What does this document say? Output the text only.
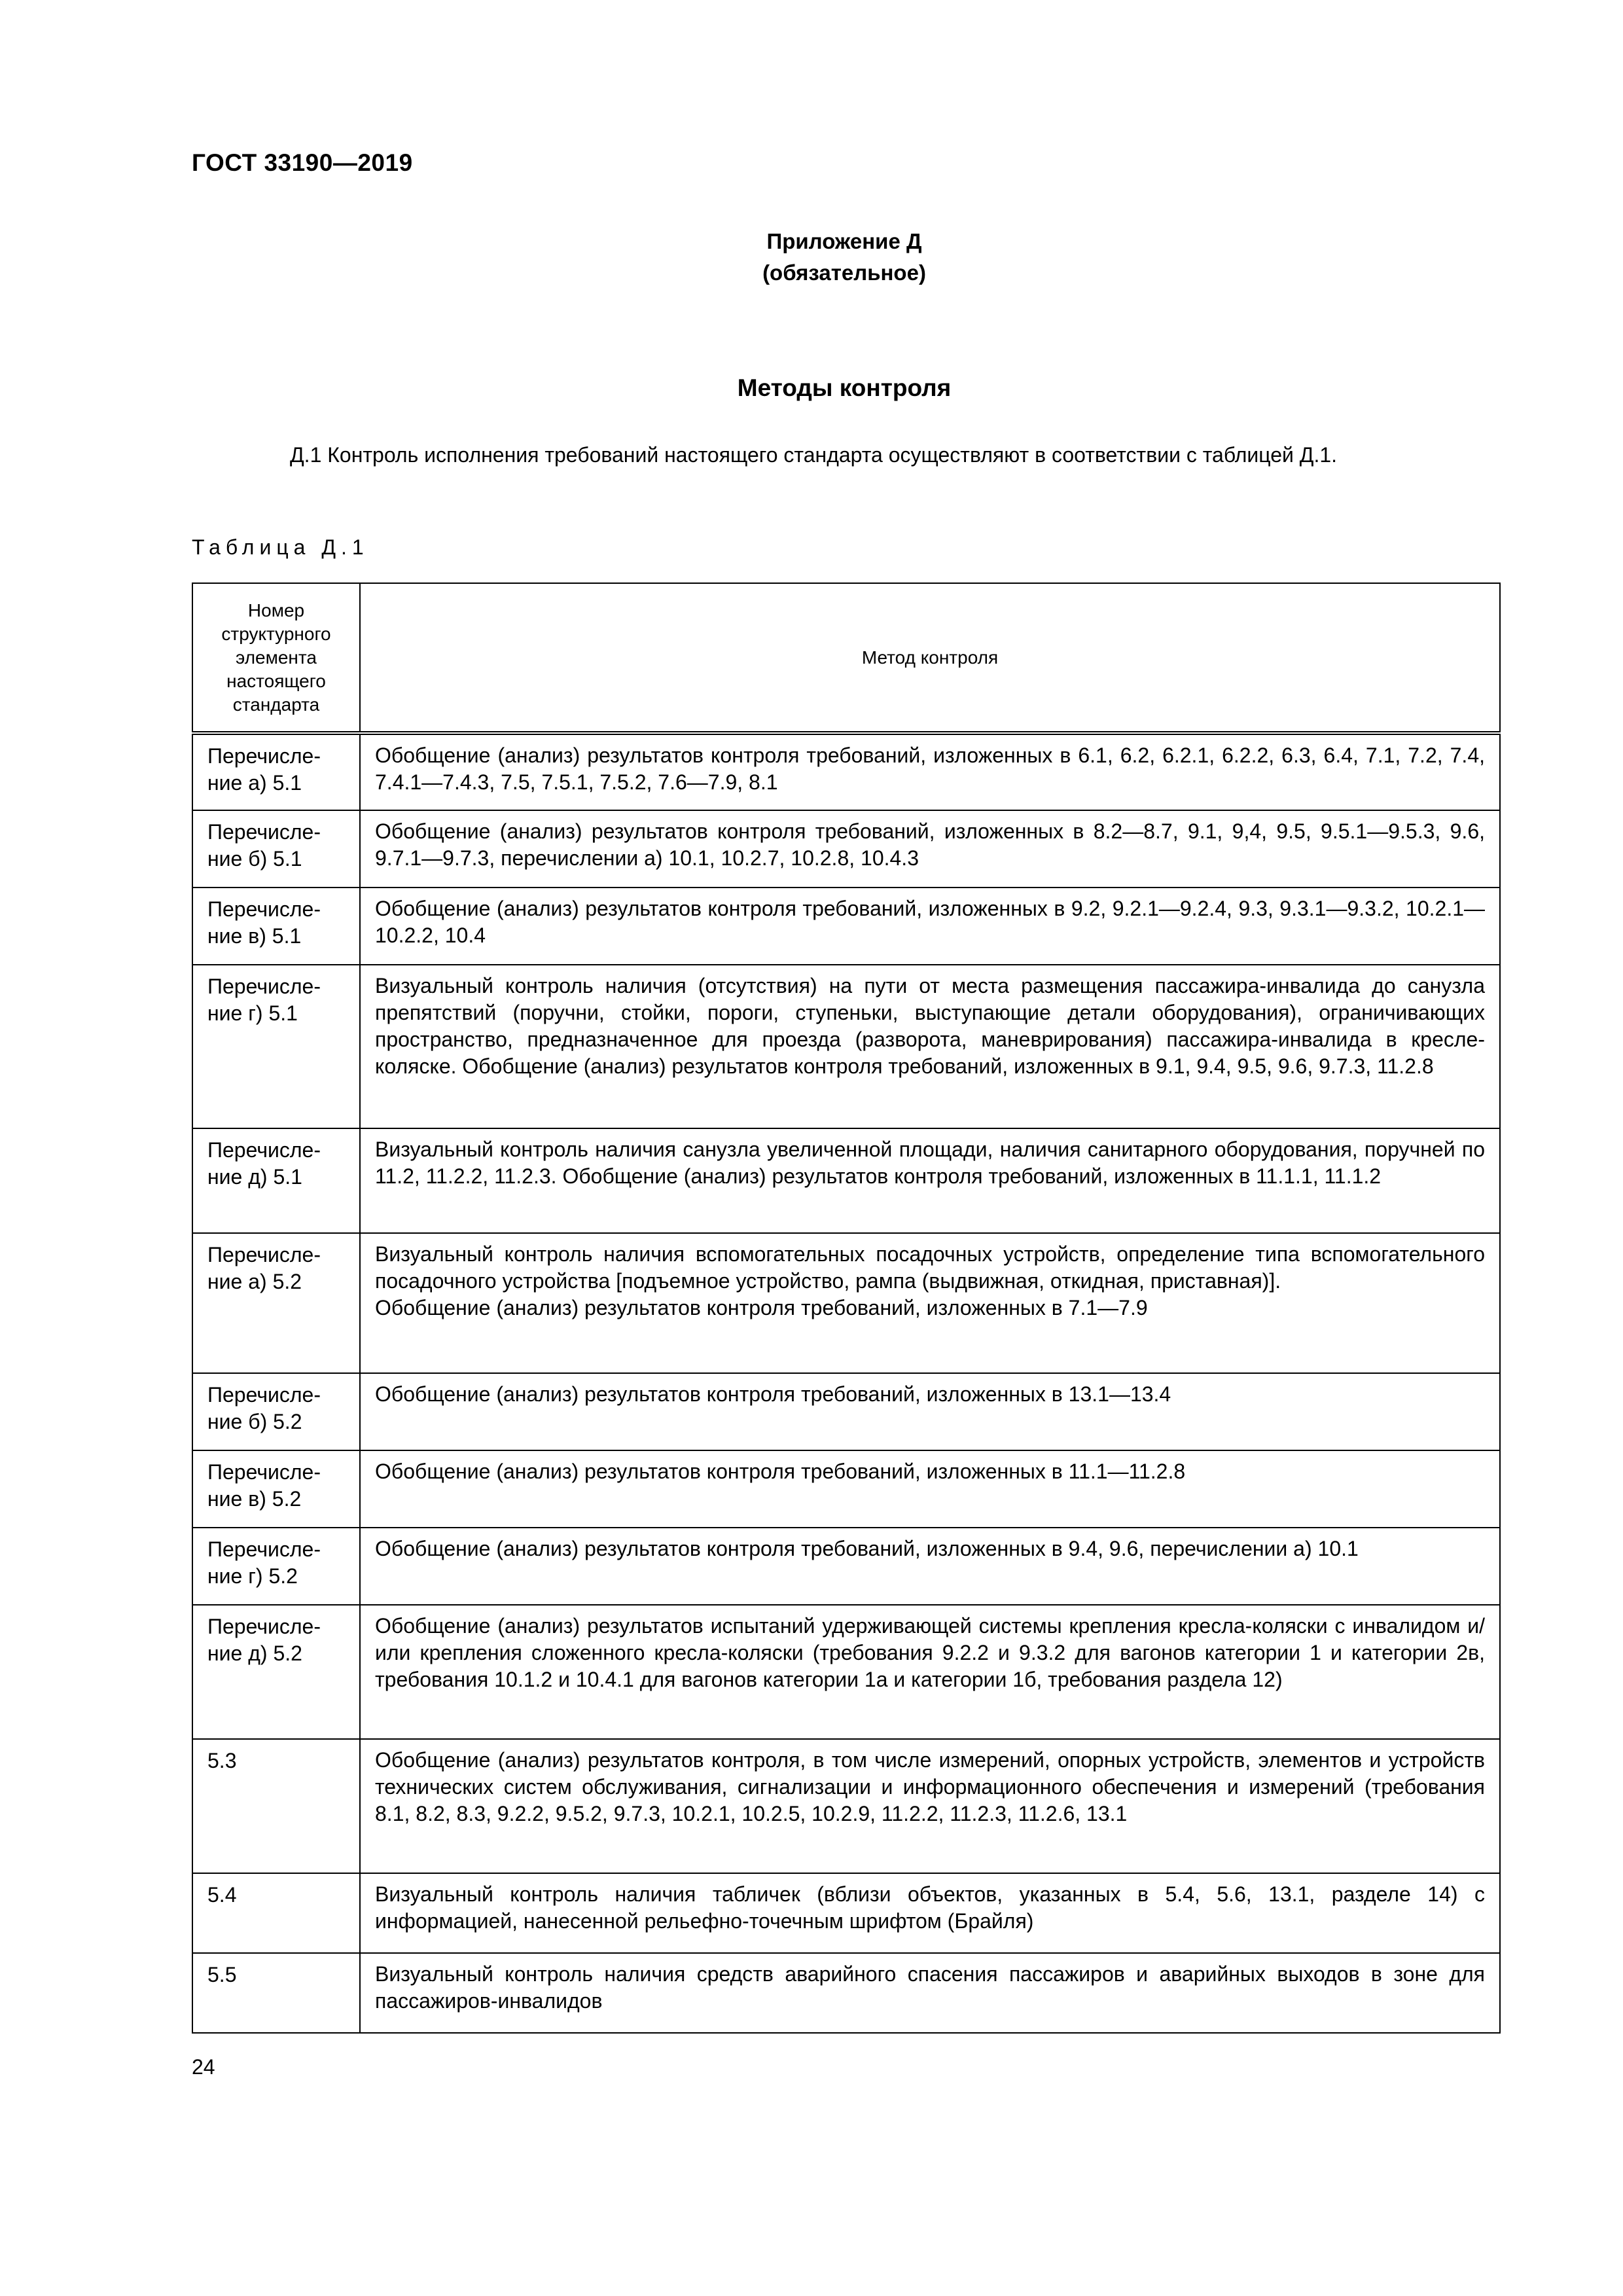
ГОСТ 33190—2019
Приложение Д
(обязательное)
Методы контроля
Д.1 Контроль исполнения требований настоящего стандарта осуществляют в соответствии с таблицей Д.1.
Таблица Д.1
Номер структурного элемента настоящего стандарта	Метод контроля
Перечисление а) 5.1	Обобщение (анализ) результатов контроля требований, изложенных в 6.1, 6.2, 6.2.1, 6.2.2, 6.3, 6.4, 7.1, 7.2, 7.4, 7.4.1—7.4.3, 7.5, 7.5.1, 7.5.2, 7.6—7.9, 8.1
Перечисление б) 5.1	Обобщение (анализ) результатов контроля требований, изложенных в 8.2—8.7, 9.1, 9,4, 9.5, 9.5.1—9.5.3, 9.6, 9.7.1—9.7.3, перечислении а) 10.1, 10.2.7, 10.2.8, 10.4.3
Перечисление в) 5.1	Обобщение (анализ) результатов контроля требований, изложенных в 9.2, 9.2.1—9.2.4, 9.3, 9.3.1—9.3.2, 10.2.1—10.2.2, 10.4
Перечисление г) 5.1	Визуальный контроль наличия (отсутствия) на пути от места размещения пассажира-инвалида до санузла препятствий (поручни, стойки, пороги, ступеньки, выступающие детали оборудования), ограничивающих пространство, предназначенное для проезда (разворота, маневрирования) пассажира-инвалида в кресле-коляске. Обобщение (анализ) результатов контроля требований, изложенных в 9.1, 9.4, 9.5, 9.6, 9.7.3, 11.2.8
Перечисление д) 5.1	Визуальный контроль наличия санузла увеличенной площади, наличия санитарного оборудования, поручней по 11.2, 11.2.2, 11.2.3. Обобщение (анализ) результатов контроля требований, изложенных в 11.1.1, 11.1.2
Перечисление а) 5.2	Визуальный контроль наличия вспомогательных посадочных устройств, определение типа вспомогательного посадочного устройства [подъемное устройство, рампа (выдвижная, откидная, приставная)].
Обобщение (анализ) результатов контроля требований, изложенных в 7.1—7.9
Перечисление б) 5.2	Обобщение (анализ) результатов контроля требований, изложенных в 13.1—13.4
Перечисление в) 5.2	Обобщение (анализ) результатов контроля требований, изложенных в 11.1—11.2.8
Перечисление г) 5.2	Обобщение (анализ) результатов контроля требований, изложенных в 9.4, 9.6, перечислении а) 10.1
Перечисление д) 5.2	Обобщение (анализ) результатов испытаний удерживающей системы крепления кресла-коляски с инвалидом и/или крепления сложенного кресла-коляски (требования 9.2.2 и 9.3.2 для вагонов категории 1 и категории 2в, требования 10.1.2 и 10.4.1 для вагонов категории 1а и категории 1б, требования раздела 12)
5.3	Обобщение (анализ) результатов контроля, в том числе измерений, опорных устройств, элементов и устройств технических систем обслуживания, сигнализации и информационного обеспечения и измерений (требования 8.1, 8.2, 8.3, 9.2.2, 9.5.2, 9.7.3, 10.2.1, 10.2.5, 10.2.9, 11.2.2, 11.2.3, 11.2.6, 13.1
5.4	Визуальный контроль наличия табличек (вблизи объектов, указанных в 5.4, 5.6, 13.1, разделе 14) с информацией, нанесенной рельефно-точечным шрифтом (Брайля)
5.5	Визуальный контроль наличия средств аварийного спасения пассажиров и аварийных выходов в зоне для пассажиров-инвалидов
24
